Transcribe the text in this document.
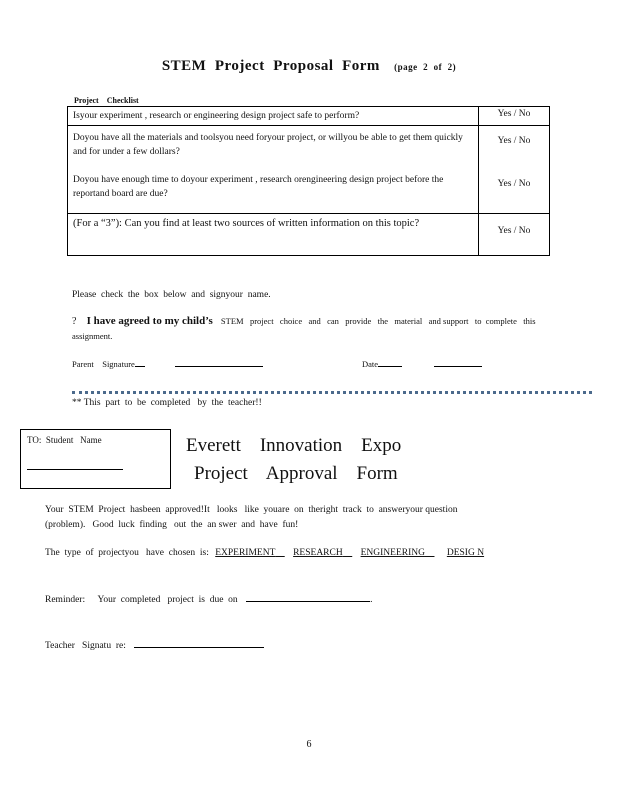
STEM  Project  Proposal  Form (page  2  of  2)
Project    Checklist
Isyour experiment , research or engineering design project safe to perform?	Yes / No
Doyou have all the materials and toolsyou need foryour project, or willyou be able to get them quickly and for under a few dollars?	Yes / No
Doyou have enough time to doyour experiment , research orengineering design project before the reportand board are due?	Yes / No
(For a “3”): Can you find at least two sources of written information on this topic?	Yes / No
Please  check  the  box  below  and  signyour  name.
? I have agreed to my child’s STEM   project   choice   and   can   provide   the   material   and support   to  complete   this  assignment.
Parent    Signature	Date
** This  part  to  be  completed   by  the  teacher!!
TO:  Student   Name	Everett    Innovation    Expo
Project    Approval    Form
Your  STEM  Project  hasbeen  approved!It   looks   like  youare  on  theright  track  to  answeryour question   (problem).   Good  luck  finding   out  the  an swer  and  have  fun!
The  type  of  projectyou   have  chosen  is: EXPERIMENT RESEARCH ENGINEERING DESIG N
Reminder: Your  completed   project  is  due  on	.
Teacher   Signatu  re:
6
